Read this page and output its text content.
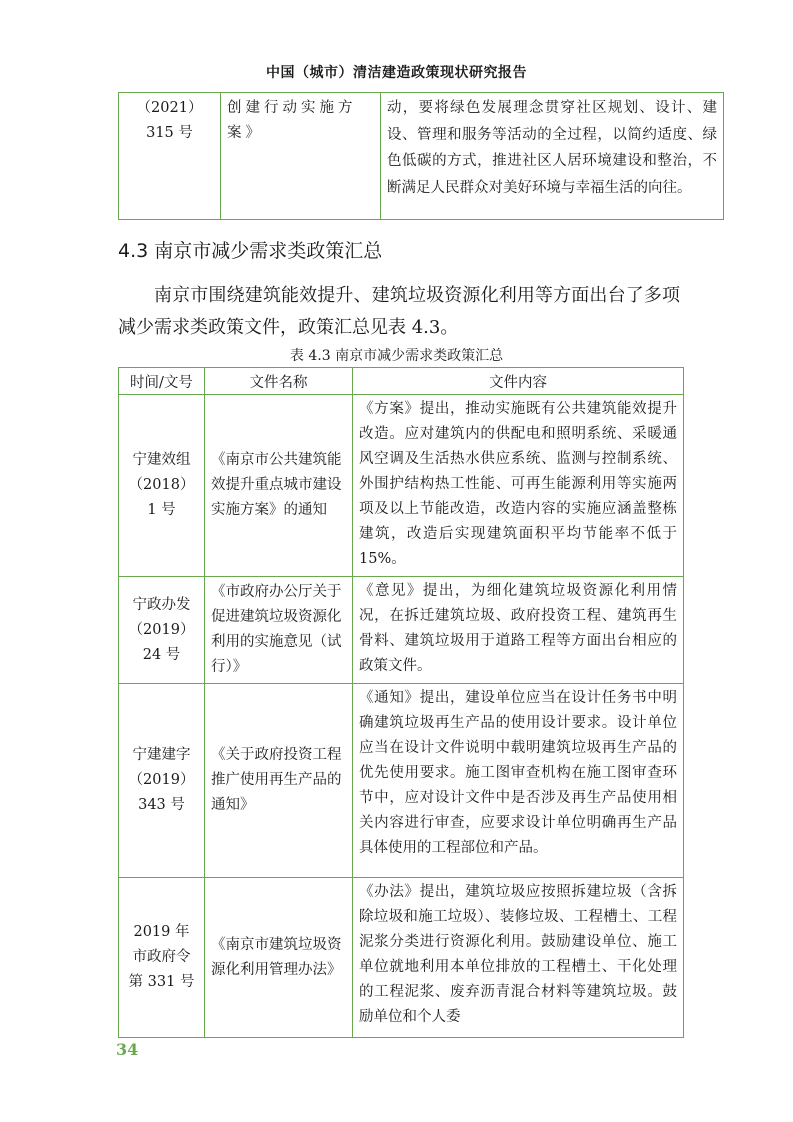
中国（城市）清洁建造政策现状研究报告
（2021）315 号	创建行动实施方案》	动，要将绿色发展理念贯穿社区规划、设计、建设、管理和服务等活动的全过程，以简约适度、绿色低碳的方式，推进社区人居环境建设和整治，不断满足人民群众对美好环境与幸福生活的向往。
4.3 南京市减少需求类政策汇总
南京市围绕建筑能效提升、建筑垃圾资源化利用等方面出台了多项减少需求类政策文件，政策汇总见表 4.3。
表 4.3 南京市减少需求类政策汇总
时间/文号	文件名称	文件内容
宁建效组（2018）1 号	《南京市公共建筑能效提升重点城市建设实施方案》的通知	《方案》提出，推动实施既有公共建筑能效提升改造。应对建筑内的供配电和照明系统、采暖通风空调及生活热水供应系统、监测与控制系统、外围护结构热工性能、可再生能源利用等实施两项及以上节能改造，改造内容的实施应涵盖整栋建筑，改造后实现建筑面积平均节能率不低于 15%。
宁政办发（2019）24 号	《市政府办公厅关于促进建筑垃圾资源化利用的实施意见（试行）》	《意见》提出，为细化建筑垃圾资源化利用情况，在拆迁建筑垃圾、政府投资工程、建筑再生骨料、建筑垃圾用于道路工程等方面出台相应的政策文件。
宁建建字（2019）343 号	《关于政府投资工程推广使用再生产品的通知》	《通知》提出，建设单位应当在设计任务书中明确建筑垃圾再生产品的使用设计要求。设计单位应当在设计文件说明中载明建筑垃圾再生产品的优先使用要求。施工图审查机构在施工图审查环节中，应对设计文件中是否涉及再生产品使用相关内容进行审查，应要求设计单位明确再生产品具体使用的工程部位和产品。
2019 年市政府令第 331 号	《南京市建筑垃圾资源化利用管理办法》	《办法》提出，建筑垃圾应按照拆建垃圾（含拆除垃圾和施工垃圾）、装修垃圾、工程槽土、工程泥浆分类进行资源化利用。鼓励建设单位、施工单位就地利用本单位排放的工程槽土、干化处理的工程泥浆、废弃沥青混合材料等建筑垃圾。鼓励单位和个人委
34
